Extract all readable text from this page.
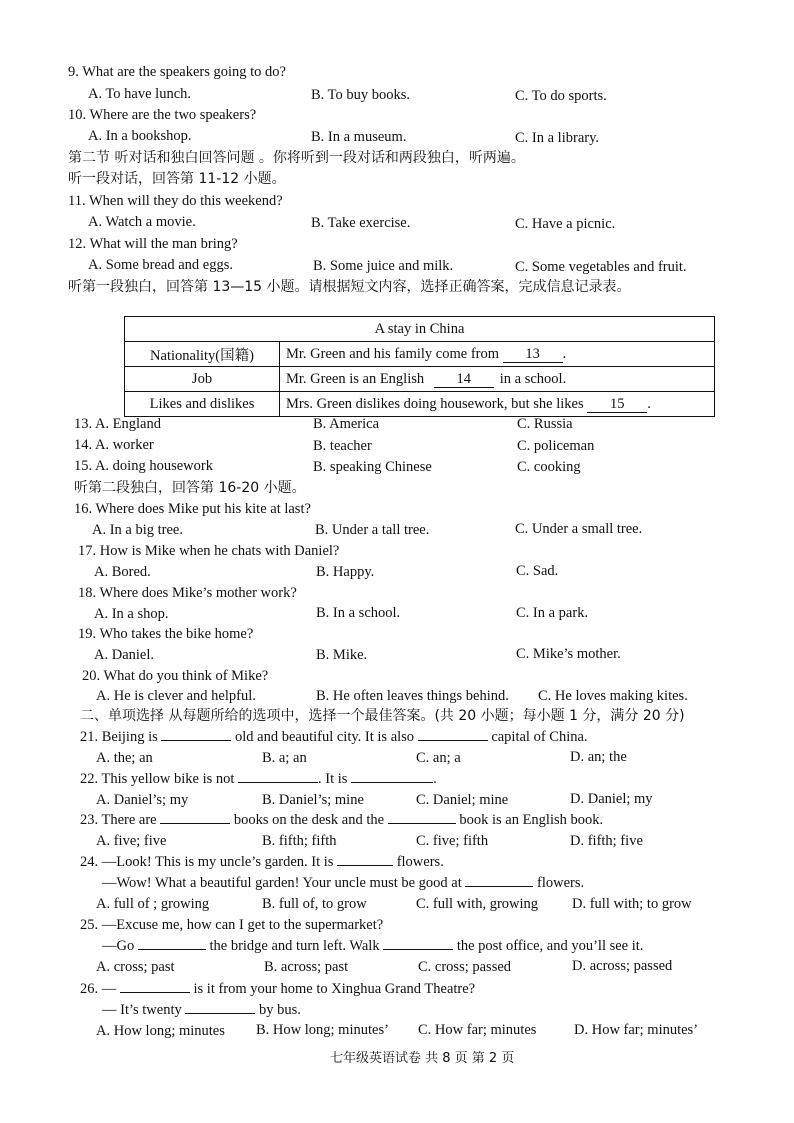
9. What are the speakers going to do?
A. To have lunch.	B. To buy books.	C. To do sports.
10. Where are the two speakers?
A. In a bookshop.	B. In a museum.	C. In a library.
第二节 听对话和独白回答问题 。你将听到一段对话和两段独白，听两遍。
听一段对话，回答第 11-12 小题。
11. When will they do this weekend?
A. Watch a movie.	B. Take exercise.	C. Have a picnic.
12. What will the man bring?
A. Some bread and eggs.	B. Some juice and milk.	C. Some vegetables and fruit.
听第一段独白，回答第 13—15 小题。请根据短文内容，选择正确答案，完成信息记录表。
A stay in China	
Nationality(国籍)	Mr. Green and his family come from 13 .
Job	Mr. Green is an English 14 in a school.
Likes and dislikes	Mrs. Green dislikes doing housework, but she likes 15 .
13. A. England	B. America	C. Russia
14. A. worker	B. teacher	C. policeman
15. A. doing housework	B. speaking Chinese	C. cooking
听第二段独白，回答第 16-20 小题。
16. Where does Mike put his kite at last?
A. In a big tree.	B. Under a tall tree.	C. Under a small tree.
17. How is Mike when he chats with Daniel?
A. Bored.	B. Happy.	C. Sad.
18. Where does Mike’s mother work?
A. In a shop.	B. In a school.	C. In a park.
19. Who takes the bike home?
A. Daniel.	B. Mike.	C. Mike’s mother.
20. What do you think of Mike?
A. He is clever and helpful.	B. He often leaves things behind. C. He loves making kites.
二、单项选择 从每题所给的选项中，选择一个最佳答案。(共 20 小题；每小题 1 分，满分 20 分)
21. Beijing is	old and beautiful city. It is also	capital of China.
A. the; an	B. a; an	C. an; a	D. an; the
22. This yellow bike is not	. It is	.
A. Daniel’s; my	B. Daniel’s; mine	C. Daniel; mine	D. Daniel; my
23. There are	books on the desk and the	book is an English book.
A. five; five	B. fifth; fifth	C. five; fifth	D. fifth; five
24. —Look! This is my uncle’s garden. It is	flowers.
—Wow! What a beautiful garden! Your uncle must be good at	flowers.
A. full of ; growing	B. full of, to grow	C. full with, growing D. full with; to grow
25. —Excuse me, how can I get to the supermarket?
—Go	the bridge and turn left. Walk	the post office, and you’ll see it.
A. cross; past	B. across; past	C. cross; passed	D. across; passed
26. —	is it from your home to Xinghua Grand Theatre?
— It’s twenty	by bus.
A. How long; minutes B. How long; minutes’ C. How far; minutes	D. How far; minutes’
七年级英语试卷 共 8 页 第 2 页
